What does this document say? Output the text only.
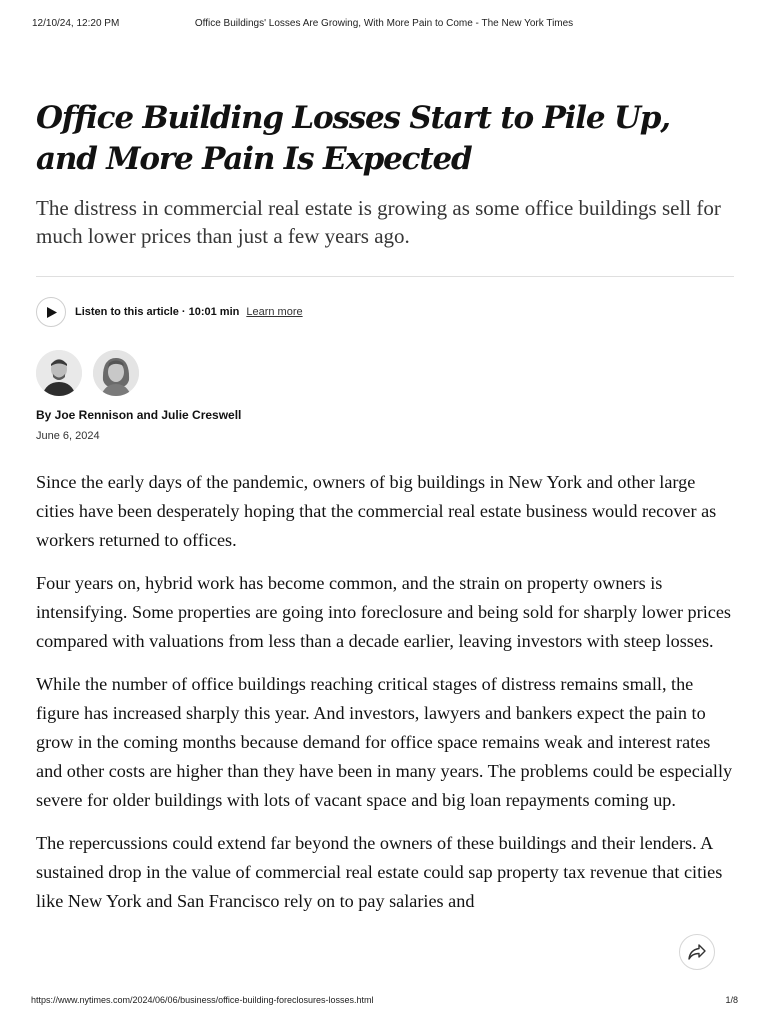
12/10/24, 12:20 PM	Office Buildings' Losses Are Growing, With More Pain to Come - The New York Times
Office Building Losses Start to Pile Up, and More Pain Is Expected

The distress in commercial real estate is growing as some office buildings sell for much lower prices than just a few years ago.

Listen to this article · 10:01 min Learn more
By Joe Rennison and Julie Creswell
June 6, 2024

Since the early days of the pandemic, owners of big buildings in New York and other large cities have been desperately hoping that the commercial real estate business would recover as workers returned to offices.

Four years on, hybrid work has become common, and the strain on property owners is intensifying. Some properties are going into foreclosure and being sold for sharply lower prices compared with valuations from less than a decade earlier, leaving investors with steep losses.

While the number of office buildings reaching critical stages of distress remains small, the figure has increased sharply this year. And investors, lawyers and bankers expect the pain to grow in the coming months because demand for office space remains weak and interest rates and other costs are higher than they have been in many years. The problems could be especially severe for older buildings with lots of vacant space and big loan repayments coming up.

The repercussions could extend far beyond the owners of these buildings and their lenders. A sustained drop in the value of commercial real estate could sap property tax revenue that cities like New York and San Francisco rely on to pay salaries and

https://www.nytimes.com/2024/06/06/business/office-building-foreclosures-losses.html	1/8
